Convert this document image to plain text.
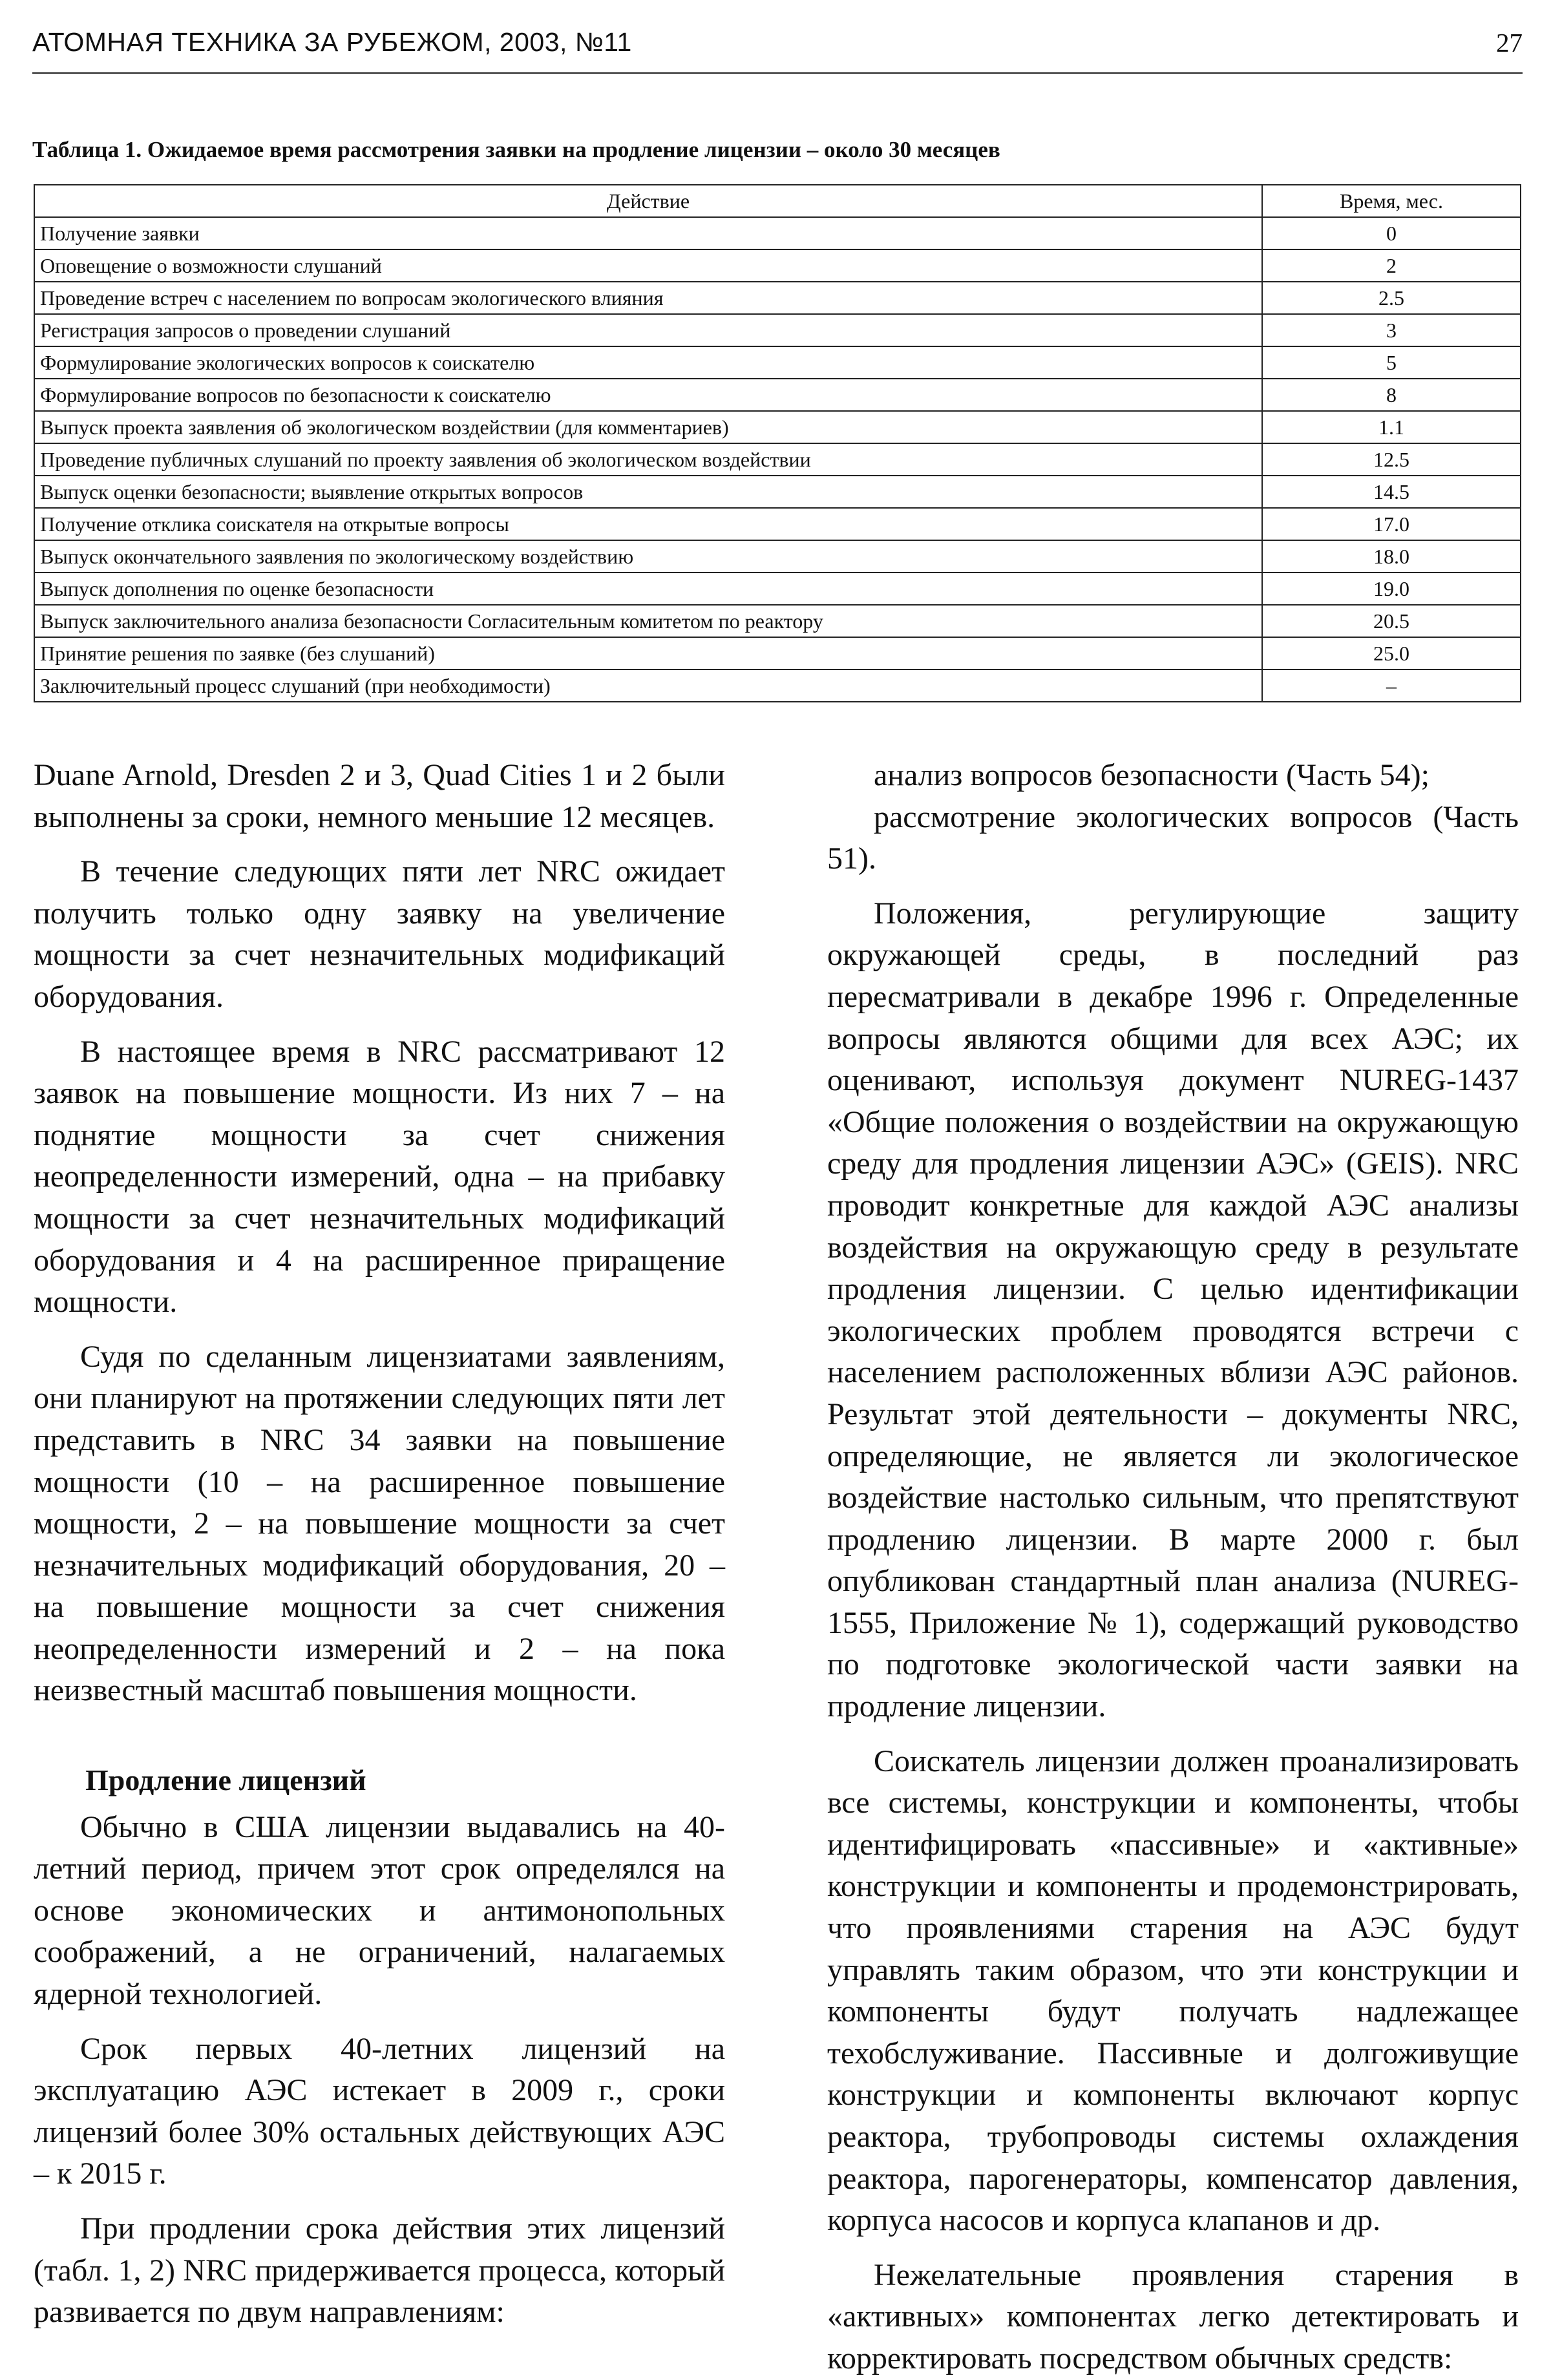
АТОМНАЯ ТЕХНИКА ЗА РУБЕЖОМ, 2003, №11	27
Таблица 1. Ожидаемое время рассмотрения заявки на продление лицензии – около 30 месяцев
Действие	Время, мес.
Получение заявки	0
Оповещение о возможности слушаний	2
Проведение встреч с населением по вопросам экологического влияния	2.5
Регистрация запросов о проведении слушаний	3
Формулирование экологических вопросов к соискателю	5
Формулирование вопросов по безопасности к соискателю	8
Выпуск проекта заявления об экологическом воздействии (для комментариев)	1.1
Проведение публичных слушаний по проекту заявления об экологическом воздействии	12.5
Выпуск оценки безопасности; выявление открытых вопросов	14.5
Получение отклика соискателя на открытые вопросы	17.0
Выпуск окончательного заявления по экологическому воздействию	18.0
Выпуск дополнения по оценке безопасности	19.0
Выпуск заключительного анализа безопасности Согласительным комитетом по реактору	20.5
Принятие решения по заявке (без слушаний)	25.0
Заключительный процесс слушаний (при необходимости)	–

Duane Arnold, Dresden 2 и 3, Quad Cities 1 и 2 были выполнены за сроки, немного меньшие 12 месяцев.

В течение следующих пяти лет NRC ожидает получить только одну заявку на увеличение мощности за счет незначительных модификаций оборудования.

В настоящее время в NRC рассматривают 12 заявок на повышение мощности. Из них 7 – на поднятие мощности за счет снижения неопределенности измерений, одна – на прибавку мощности за счет незначительных модификаций оборудования и 4 на расширенное приращение мощности.

Судя по сделанным лицензиатами заявлениям, они планируют на протяжении следующих пяти лет представить в NRC 34 заявки на повышение мощности (10 – на расширенное повышение мощности, 2 – на повышение мощности за счет незначительных модификаций оборудования, 20 – на повышение мощности за счет снижения неопределенности измерений и 2 – на пока неизвестный масштаб повышения мощности.

Продление лицензий

Обычно в США лицензии выдавались на 40-летний период, причем этот срок определялся на основе экономических и антимонопольных соображений, а не ограничений, налагаемых ядерной технологией.

Срок первых 40-летних лицензий на эксплуатацию АЭС истекает в 2009 г., сроки лицензий более 30% остальных действующих АЭС – к 2015 г.

При продлении срока действия этих лицензий (табл. 1, 2) NRC придерживается процесса, который развивается по двум направлениям:

анализ вопросов безопасности (Часть 54);

рассмотрение экологических вопросов (Часть 51).

Положения, регулирующие защиту окружающей среды, в последний раз пересматривали в декабре 1996 г. Определенные вопросы являются общими для всех АЭС; их оценивают, используя документ NUREG-1437 «Общие положения о воздействии на окружающую среду для продления лицензии АЭС» (GEIS). NRC проводит конкретные для каждой АЭС анализы воздействия на окружающую среду в результате продления лицензии. С целью идентификации экологических проблем проводятся встречи с населением расположенных вблизи АЭС районов. Результат этой деятельности – документы NRC, определяющие, не является ли экологическое воздействие настолько сильным, что препятствуют продлению лицензии. В марте 2000 г. был опубликован стандартный план анализа (NUREG-1555, Приложение № 1), содержащий руководство по подготовке экологической части заявки на продление лицензии.

Соискатель лицензии должен проанализировать все системы, конструкции и компоненты, чтобы идентифицировать «пассивные» и «активные» конструкции и компоненты и продемонстрировать, что проявлениями старения на АЭС будут управлять таким образом, что эти конструкции и компоненты будут получать надлежащее техобслуживание. Пассивные и долгоживущие конструкции и компоненты включают корпус реактора, трубопроводы системы охлаждения реактора, парогенераторы, компенсатор давления, корпуса насосов и корпуса клапанов и др.

Нежелательные проявления старения в «активных» компонентах легко детектировать и корректировать посредством обычных средств:
